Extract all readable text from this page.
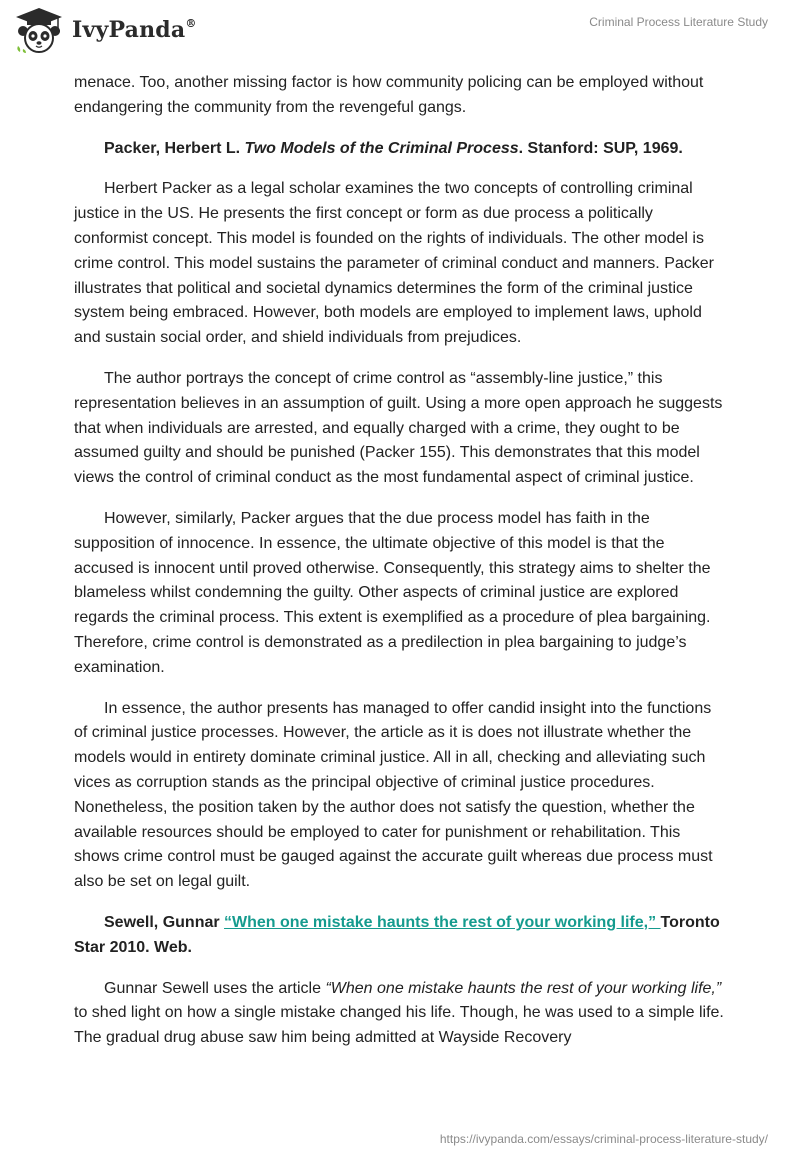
IvyPanda®	Criminal Process Literature Study

menace. Too, another missing factor is how community policing can be employed without endangering the community from the revengeful gangs.

Packer, Herbert L. Two Models of the Criminal Process. Stanford: SUP, 1969.

Herbert Packer as a legal scholar examines the two concepts of controlling criminal justice in the US. He presents the first concept or form as due process a politically conformist concept. This model is founded on the rights of individuals. The other model is crime control. This model sustains the parameter of criminal conduct and manners. Packer illustrates that political and societal dynamics determines the form of the criminal justice system being embraced. However, both models are employed to implement laws, uphold and sustain social order, and shield individuals from prejudices.

The author portrays the concept of crime control as “assembly-line justice,” this representation believes in an assumption of guilt. Using a more open approach he suggests that when individuals are arrested, and equally charged with a crime, they ought to be assumed guilty and should be punished (Packer 155). This demonstrates that this model views the control of criminal conduct as the most fundamental aspect of criminal justice.

However, similarly, Packer argues that the due process model has faith in the supposition of innocence. In essence, the ultimate objective of this model is that the accused is innocent until proved otherwise. Consequently, this strategy aims to shelter the blameless whilst condemning the guilty. Other aspects of criminal justice are explored regards the criminal process. This extent is exemplified as a procedure of plea bargaining. Therefore, crime control is demonstrated as a predilection in plea bargaining to judge’s examination.

In essence, the author presents has managed to offer candid insight into the functions of criminal justice processes. However, the article as it is does not illustrate whether the models would in entirety dominate criminal justice. All in all, checking and alleviating such vices as corruption stands as the principal objective of criminal justice procedures. Nonetheless, the position taken by the author does not satisfy the question, whether the available resources should be employed to cater for punishment or rehabilitation. This shows crime control must be gauged against the accurate guilt whereas due process must also be set on legal guilt.

Sewell, Gunnar “When one mistake haunts the rest of your working life,” Toronto Star 2010. Web.

Gunnar Sewell uses the article “When one mistake haunts the rest of your working life,” to shed light on how a single mistake changed his life. Though, he was used to a simple life. The gradual drug abuse saw him being admitted at Wayside Recovery

https://ivypanda.com/essays/criminal-process-literature-study/
